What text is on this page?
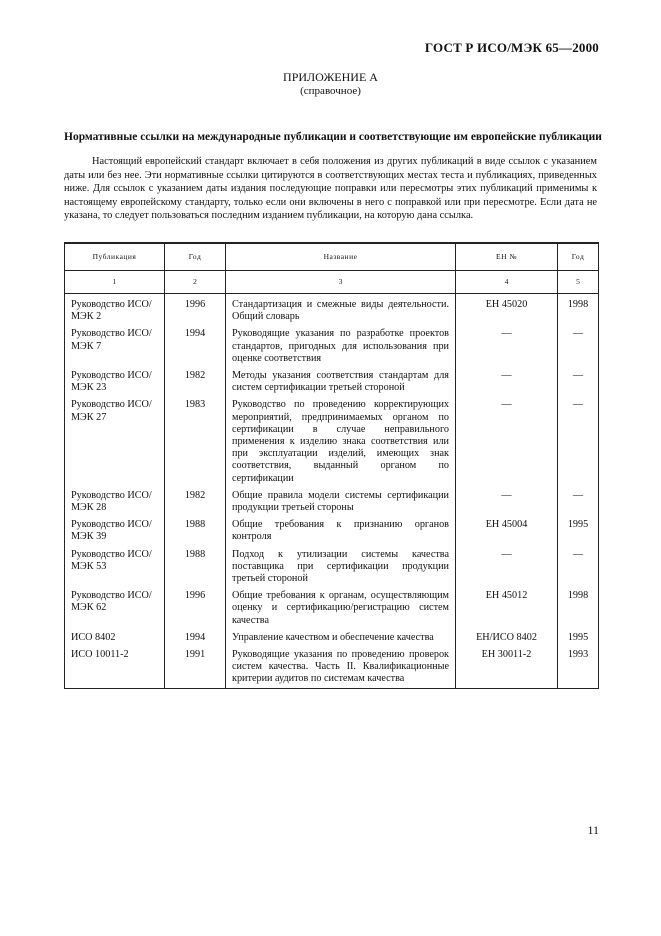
ГОСТ Р ИСО/МЭК 65—2000
ПРИЛОЖЕНИЕ А
(справочное)
Нормативные ссылки на международные публикации и соответствующие им европейские публикации
Настоящий европейский стандарт включает в себя положения из других публикаций в виде ссылок с указанием даты или без нее. Эти нормативные ссылки цитируются в соответствующих местах теста и публикациях, приведенных ниже. Для ссылок с указанием даты издания последующие поправки или пересмотры этих публикаций применимы к настоящему европейскому стандарту, только если они включены в него с поправкой или при пересмотре. Если дата не указана, то следует пользоваться последним изданием публикации, на которую дана ссылка.
Публикация	Год	Название	ЕН №	Год
1	2	3	4	5
Руководство ИСО/МЭК 2	1996	Стандартизация и смежные виды деятельности. Общий словарь	ЕН 45020	1998
Руководство ИСО/МЭК 7	1994	Руководящие указания по разработке проектов стандартов, пригодных для использования при оценке соответствия	—	—
Руководство ИСО/МЭК 23	1982	Методы указания соответствия стандартам для систем сертификации третьей стороной	—	—
Руководство ИСО/МЭК 27	1983	Руководство по проведению корректирующих мероприятий, предпринимаемых органом по сертификации в случае неправильного применения к изделию знака соответствия или при эксплуатации изделий, имеющих знак соответствия, выданный органом по сертификации	—	—
Руководство ИСО/МЭК 28	1982	Общие правила модели системы сертификации продукции третьей стороны	—	—
Руководство ИСО/МЭК 39	1988	Общие требования к признанию органов контроля	ЕН 45004	1995
Руководство ИСО/МЭК 53	1988	Подход к утилизации системы качества поставщика при сертификации продукции третьей стороной	—	—
Руководство ИСО/МЭК 62	1996	Общие требования к органам, осуществляющим оценку и сертификацию/регистрацию систем качества	ЕН 45012	1998
ИСО 8402	1994	Управление качеством и обеспечение качества	ЕН/ИСО 8402	1995
ИСО 10011-2	1991	Руководящие указания по проведению проверок систем качества. Часть II. Квалификационные критерии аудитов по системам качества	ЕН 30011-2	1993
11
